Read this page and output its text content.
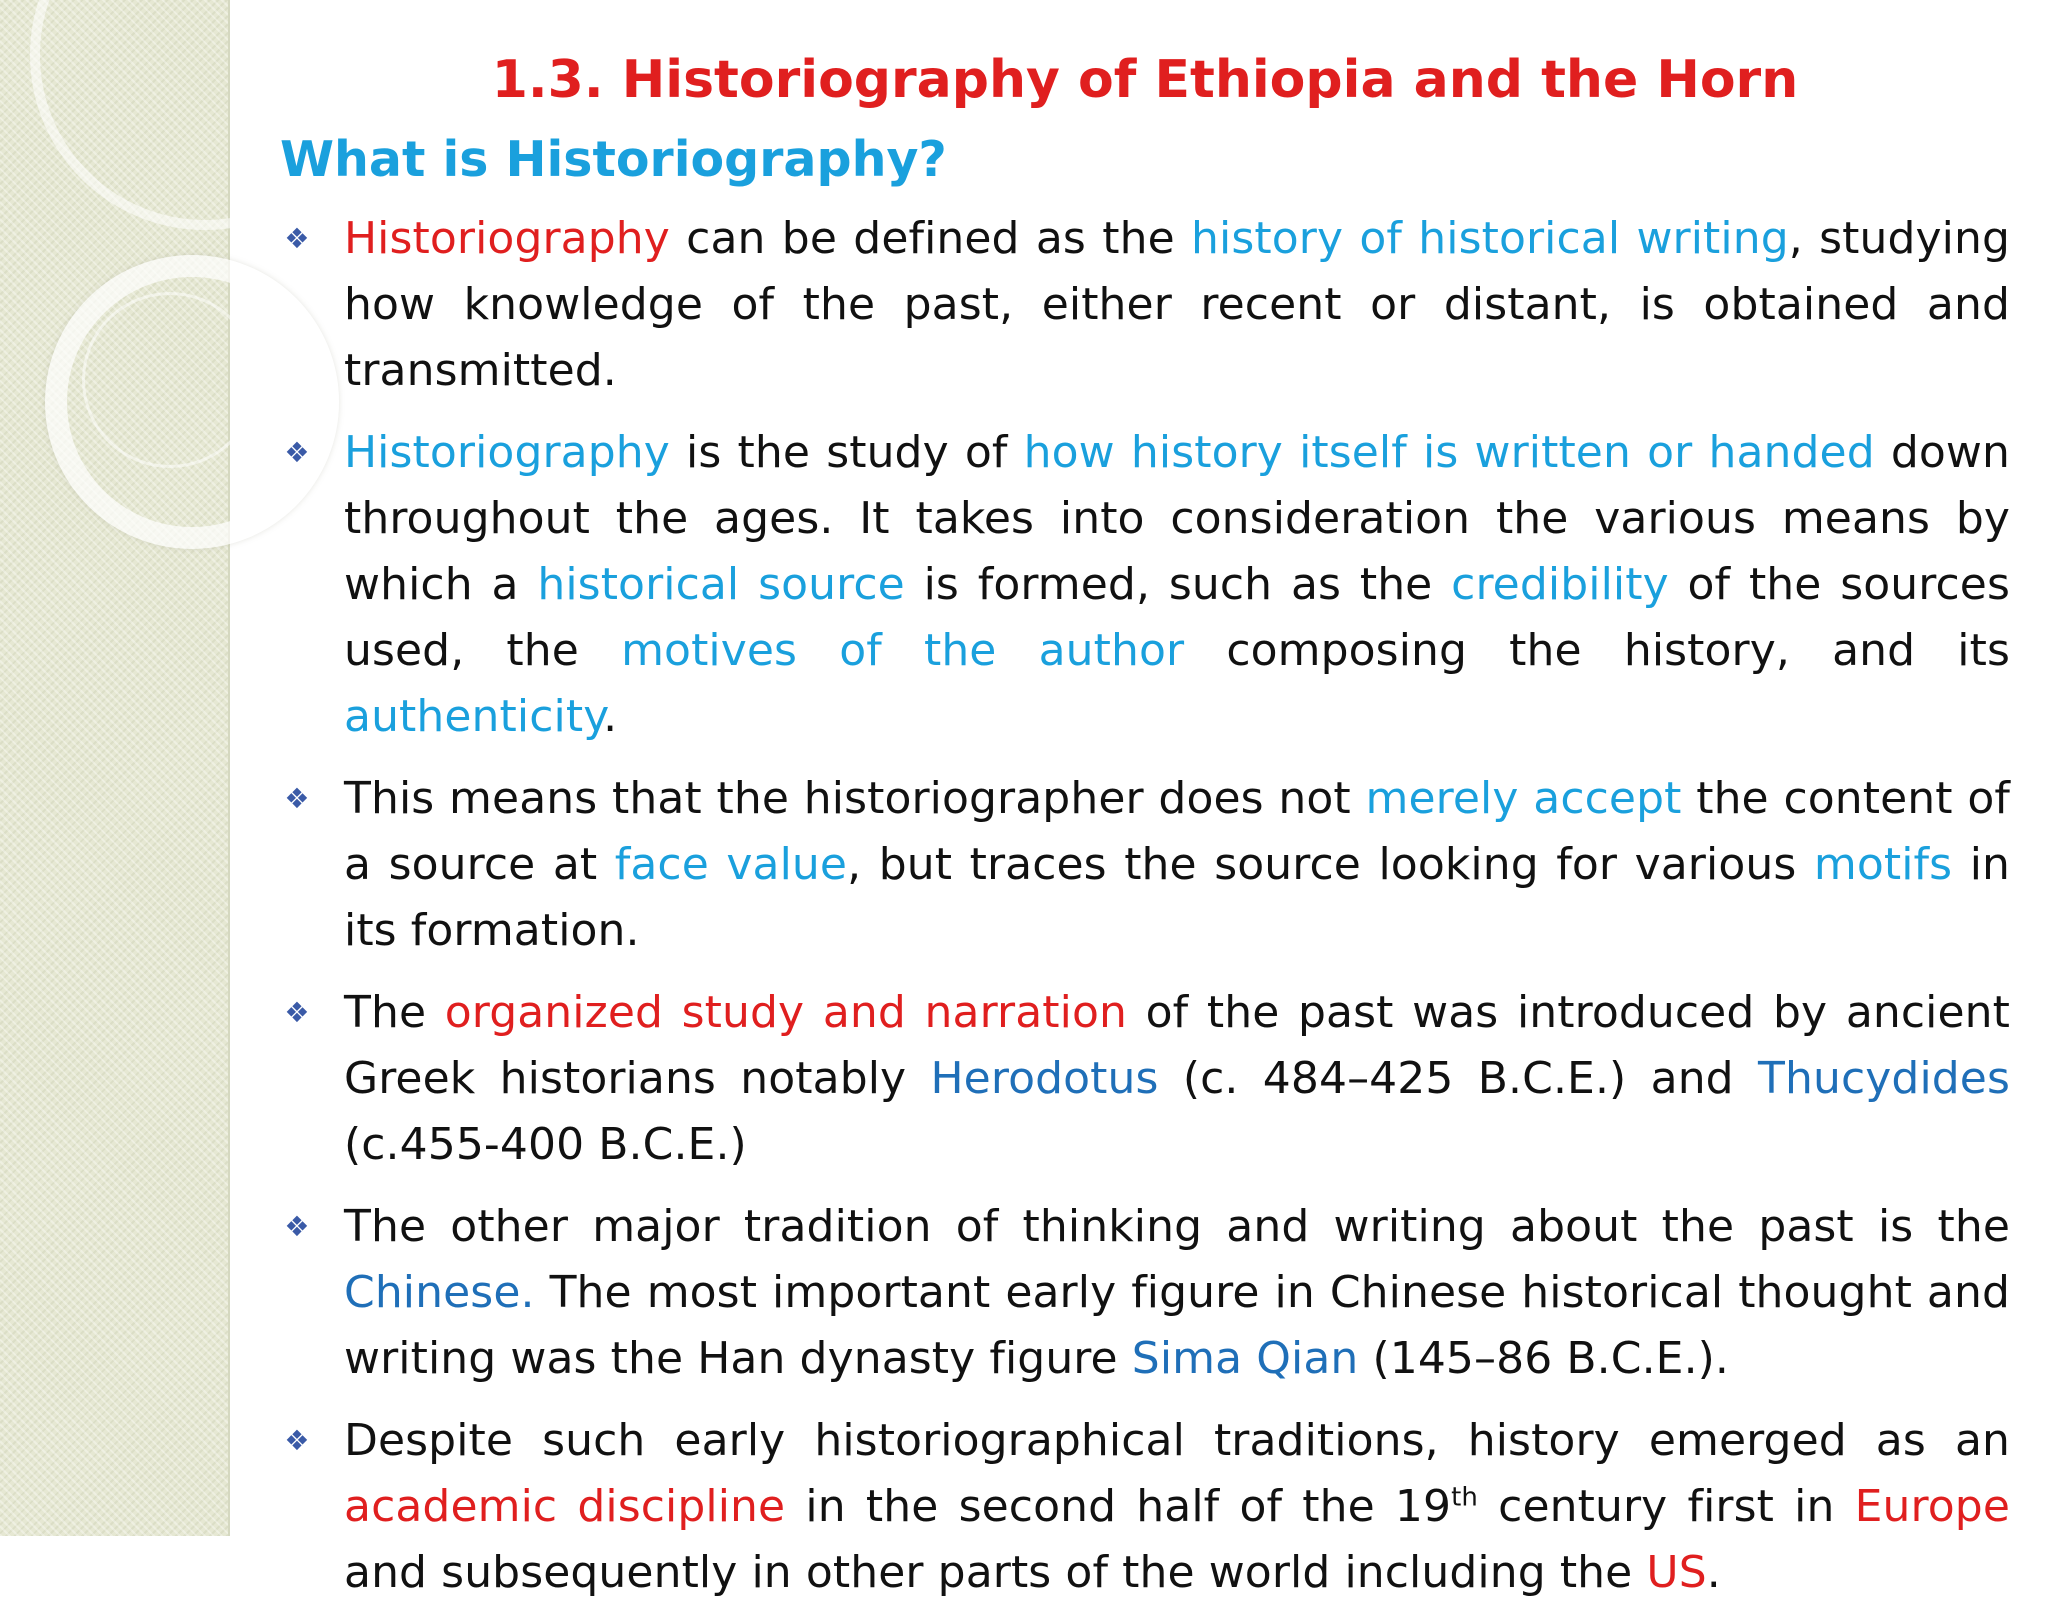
1.3. Historiography of Ethiopia and the Horn
What is Historiography?
❖ Historiography can be defined as the history of historical writing, studying how knowledge of the past, either recent or distant, is obtained and transmitted.
❖ Historiography is the study of how history itself is written or handed down throughout the ages. It takes into consideration the various means by which a historical source is formed, such as the credibility of the sources used, the motives of the author composing the history, and its authenticity.
❖ This means that the historiographer does not merely accept the content of a source at face value, but traces the source looking for various motifs in its formation.
❖ The organized study and narration of the past was introduced by ancient Greek historians notably Herodotus (c. 484–425 B.C.E.) and Thucydides (c.455-400 B.C.E.)
❖ The other major tradition of thinking and writing about the past is the Chinese. The most important early figure in Chinese historical thought and writing was the Han dynasty figure Sima Qian (145–86 B.C.E.).
❖ Despite such early historiographical traditions, history emerged as an academic discipline in the second half of the 19th century first in Europe and subsequently in other parts of the world including the US.
